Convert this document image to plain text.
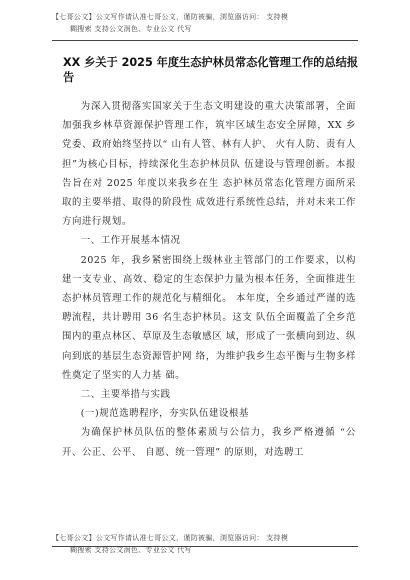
【七哥公文】公文写作请认准七哥公文，谨防被骗，浏览器访问： 支持模
糊搜索 支持公文润色、专业公文 代写
XX 乡关于 2025 年度生态护林员常态化管理工作的总结报告

为深入贯彻落实国家关于生态文明建设的重大决策部署，全面加强我乡林草资源保护管理工作，筑牢区域生态安全屏障，XX 乡党委、政府始终坚持以“ 山有人管、林有人护、 火有人防、责有人担”为核心目标，持续深化生态护林员队 伍建设与管理创新。本报告旨在对 2025 年度以来我乡在生 态护林员常态化管理方面所采取的主要举措、取得的阶段性 成效进行系统性总结，并对未来工作方向进行规划。

一、工作开展基本情况

2025 年，我乡紧密围绕上级林业主管部门的工作要求，以构建一支专业、高效、稳定的生态保护力量为根本任务，全面推进生态护林员管理工作的规范化与精细化。 本年度，全乡通过严谨的选聘流程，共计聘用 36 名生态护林员。这支 队伍全面覆盖了全乡范围内的重点林区、草原及生态敏感区 域，形成了一张横向到边、纵向到底的基层生态资源管护网 络，为维护我乡生态平衡与生物多样性奠定了坚实的人力基 础。

二、主要举措与实践

(一)规范选聘程序，夯实队伍建设根基

为确保护林员队伍的整体素质与公信力，我乡严格遵循 “公开、公正、公平、 自愿、统一管理” 的原则，对选聘工

【七哥公文】公文写作请认准七哥公文，谨防被骗，浏览器访问： 支持模
糊搜索 支持公文润色、专业公文 代写
